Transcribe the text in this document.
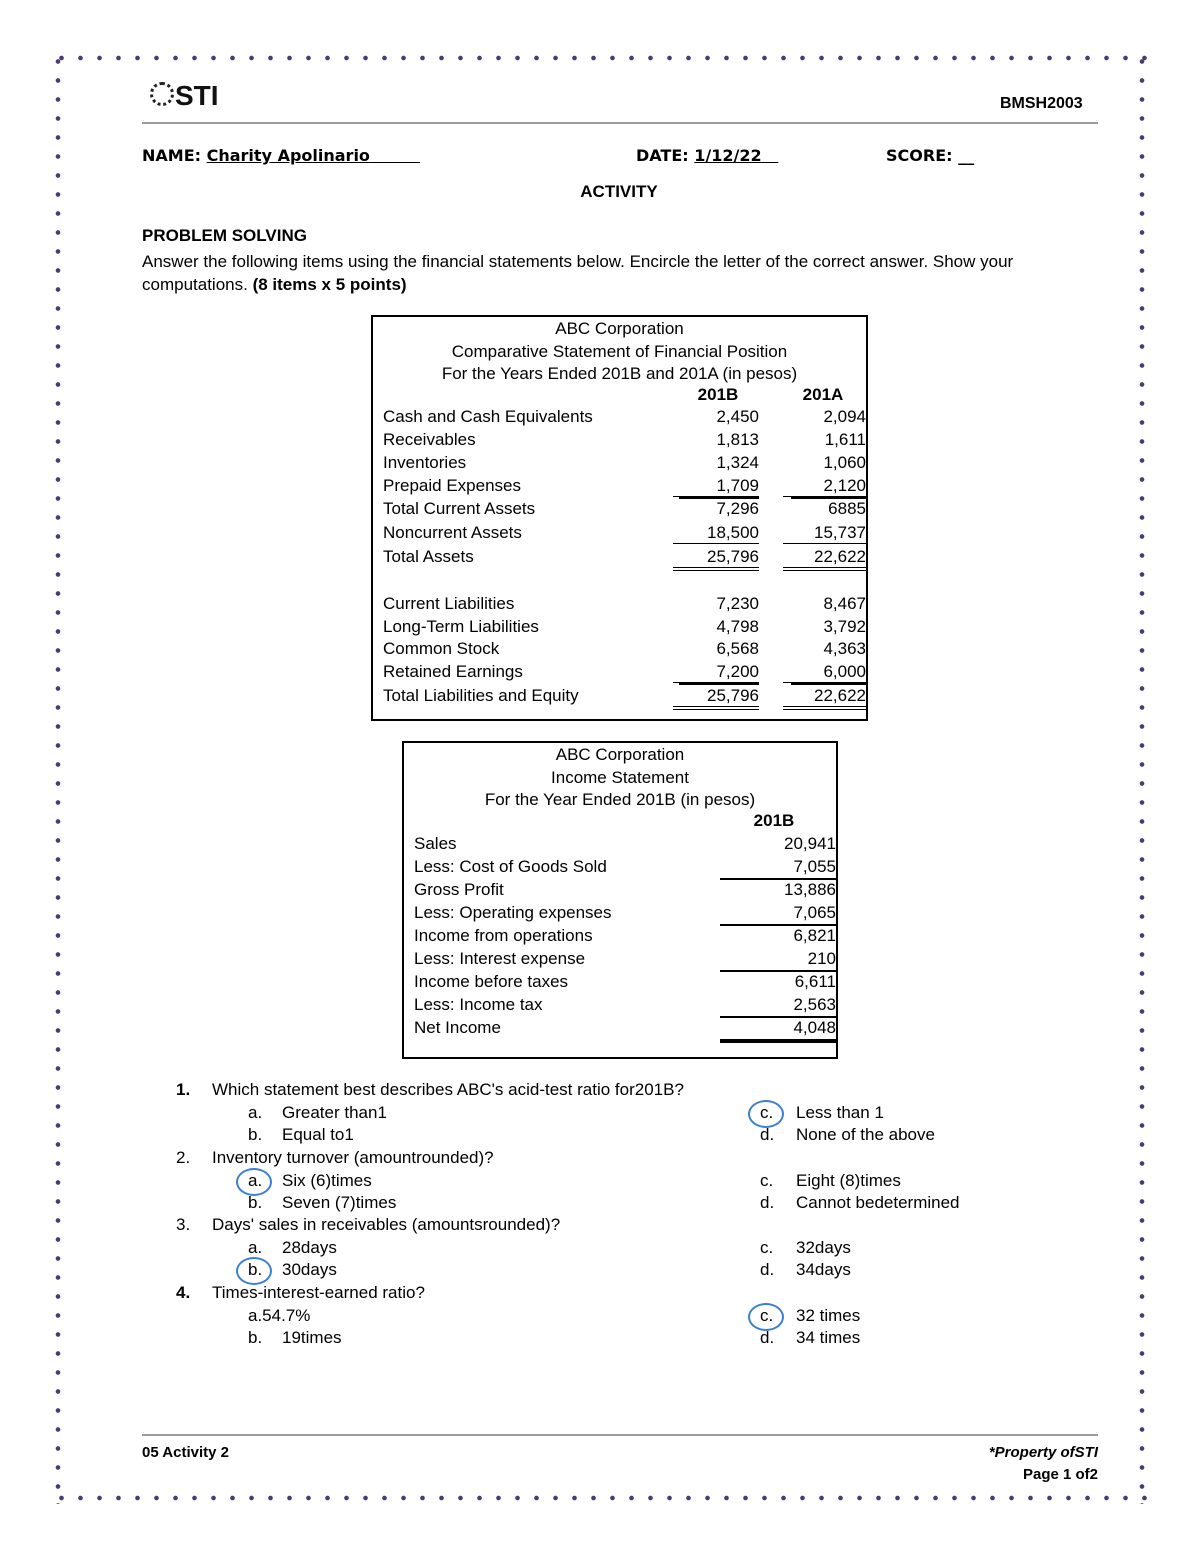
STI	BMSH2003
NAME: Charity Apolinario	DATE: 1/12/22	SCORE: __
ACTIVITY
PROBLEM SOLVING
Answer the following items using the financial statements below. Encircle the letter of the correct answer. Show your computations. (8 items x 5 points)
ABC Corporation
Comparative Statement of Financial Position
For the Years Ended 201B and 201A (in pesos)
201B	201A
Cash and Cash Equivalents	2,450	2,094
Receivables	1,813	1,611
Inventories	1,324	1,060
Prepaid Expenses	1,709	2,120
Total Current Assets	7,296	6885
Noncurrent Assets	18,500	15,737
Total Assets	25,796	22,622
Current Liabilities	7,230	8,467
Long-Term Liabilities	4,798	3,792
Common Stock	6,568	4,363
Retained Earnings	7,200	6,000
Total Liabilities and Equity	25,796	22,622
ABC Corporation
Income Statement
For the Year Ended 201B (in pesos)
201B
Sales	20,941
Less: Cost of Goods Sold	7,055
Gross Profit	13,886
Less: Operating expenses	7,065
Income from operations	6,821
Less: Interest expense	210
Income before taxes	6,611
Less: Income tax	2,563
Net Income	4,048
1. Which statement best describes ABC's acid-test ratio for201B?
a. Greater than1
b. Equal to1
c. Less than 1
d. None of the above
2. Inventory turnover (amountrounded)?
a. Six (6)times
b. Seven (7)times
c. Eight (8)times
d. Cannot bedetermined
3. Days' sales in receivables (amountsrounded)?
a. 28days
b. 30days
c. 32days
d. 34days
4. Times-interest-earned ratio?
a.54.7%
b. 19times
c. 32 times
d. 34 times
05 Activity 2	*Property ofSTI
Page 1 of2
